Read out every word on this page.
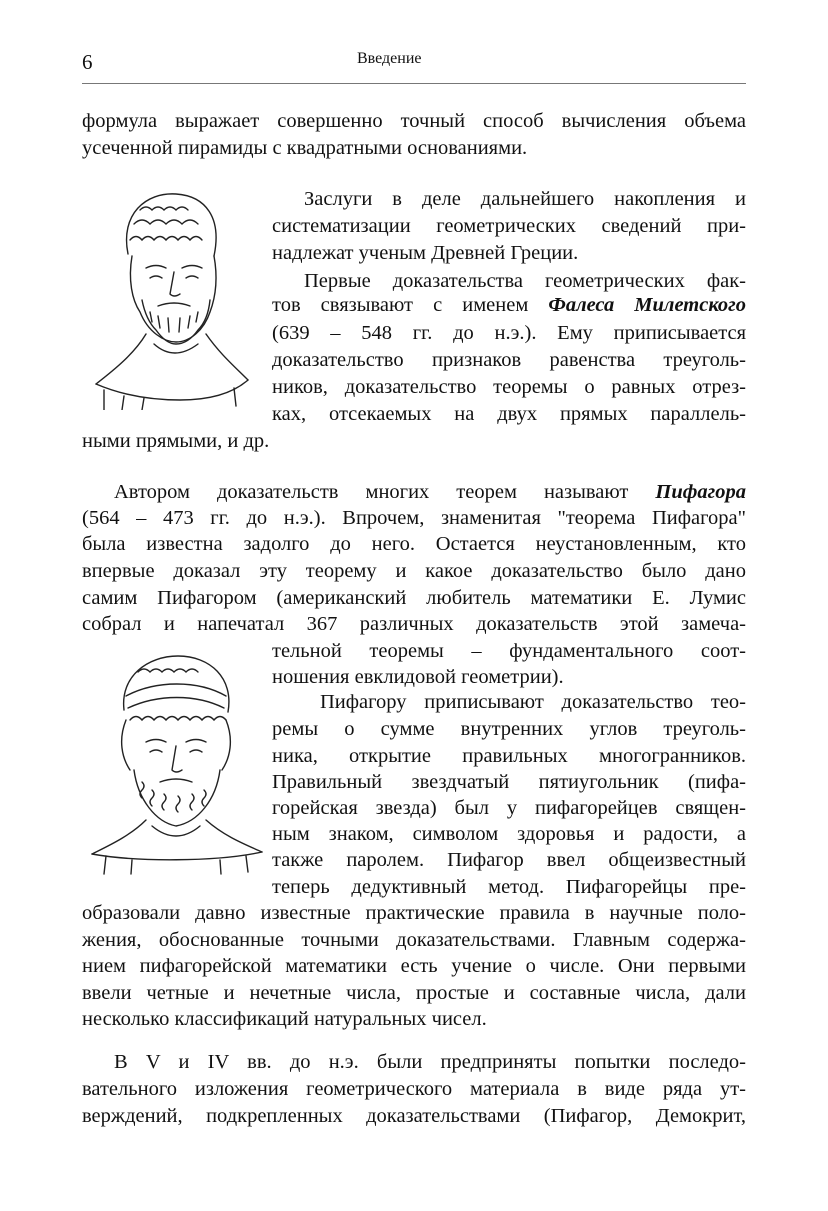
6	Введение
формула выражает совершенно точный способ вычисления объема
усеченной пирамиды с квадратными основаниями.
Заслуги в деле дальнейшего накопления и
систематизации геометрических сведений при-
надлежат ученым Древней Греции.
Первые доказательства геометрических фак-
тов связывают с именем Фалеса Милетского
(639 – 548 гг. до н.э.). Ему приписывается
доказательство признаков равенства треуголь-
ников, доказательство теоремы о равных отрез-
ках, отсекаемых на двух прямых параллель-
ными прямыми, и др.
Автором доказательств многих теорем называют Пифагора
(564 – 473 гг. до н.э.). Впрочем, знаменитая "теорема Пифагора"
была известна задолго до него. Остается неустановленным, кто
впервые доказал эту теорему и какое доказательство было дано
самим Пифагором (американский любитель математики Е. Лумис
собрал и напечатал 367 различных доказательств этой замеча-
тельной теоремы – фундаментального соот-
ношения евклидовой геометрии).
Пифагору приписывают доказательство тео-
ремы о сумме внутренних углов треуголь-
ника, открытие правильных многогранников.
Правильный звездчатый пятиугольник (пифа-
горейская звезда) был у пифагорейцев священ-
ным знаком, символом здоровья и радости, а
также паролем. Пифагор ввел общеизвестный
теперь дедуктивный метод. Пифагорейцы пре-
образовали давно известные практические правила в научные поло-
жения, обоснованные точными доказательствами. Главным содержа-
нием пифагорейской математики есть учение о числе. Они первыми
ввели четные и нечетные числа, простые и составные числа, дали
несколько классификаций натуральных чисел.
В V и IV вв. до н.э. были предприняты попытки последо-
вательного изложения геометрического материала в виде ряда ут-
верждений, подкрепленных доказательствами (Пифагор, Демокрит,
